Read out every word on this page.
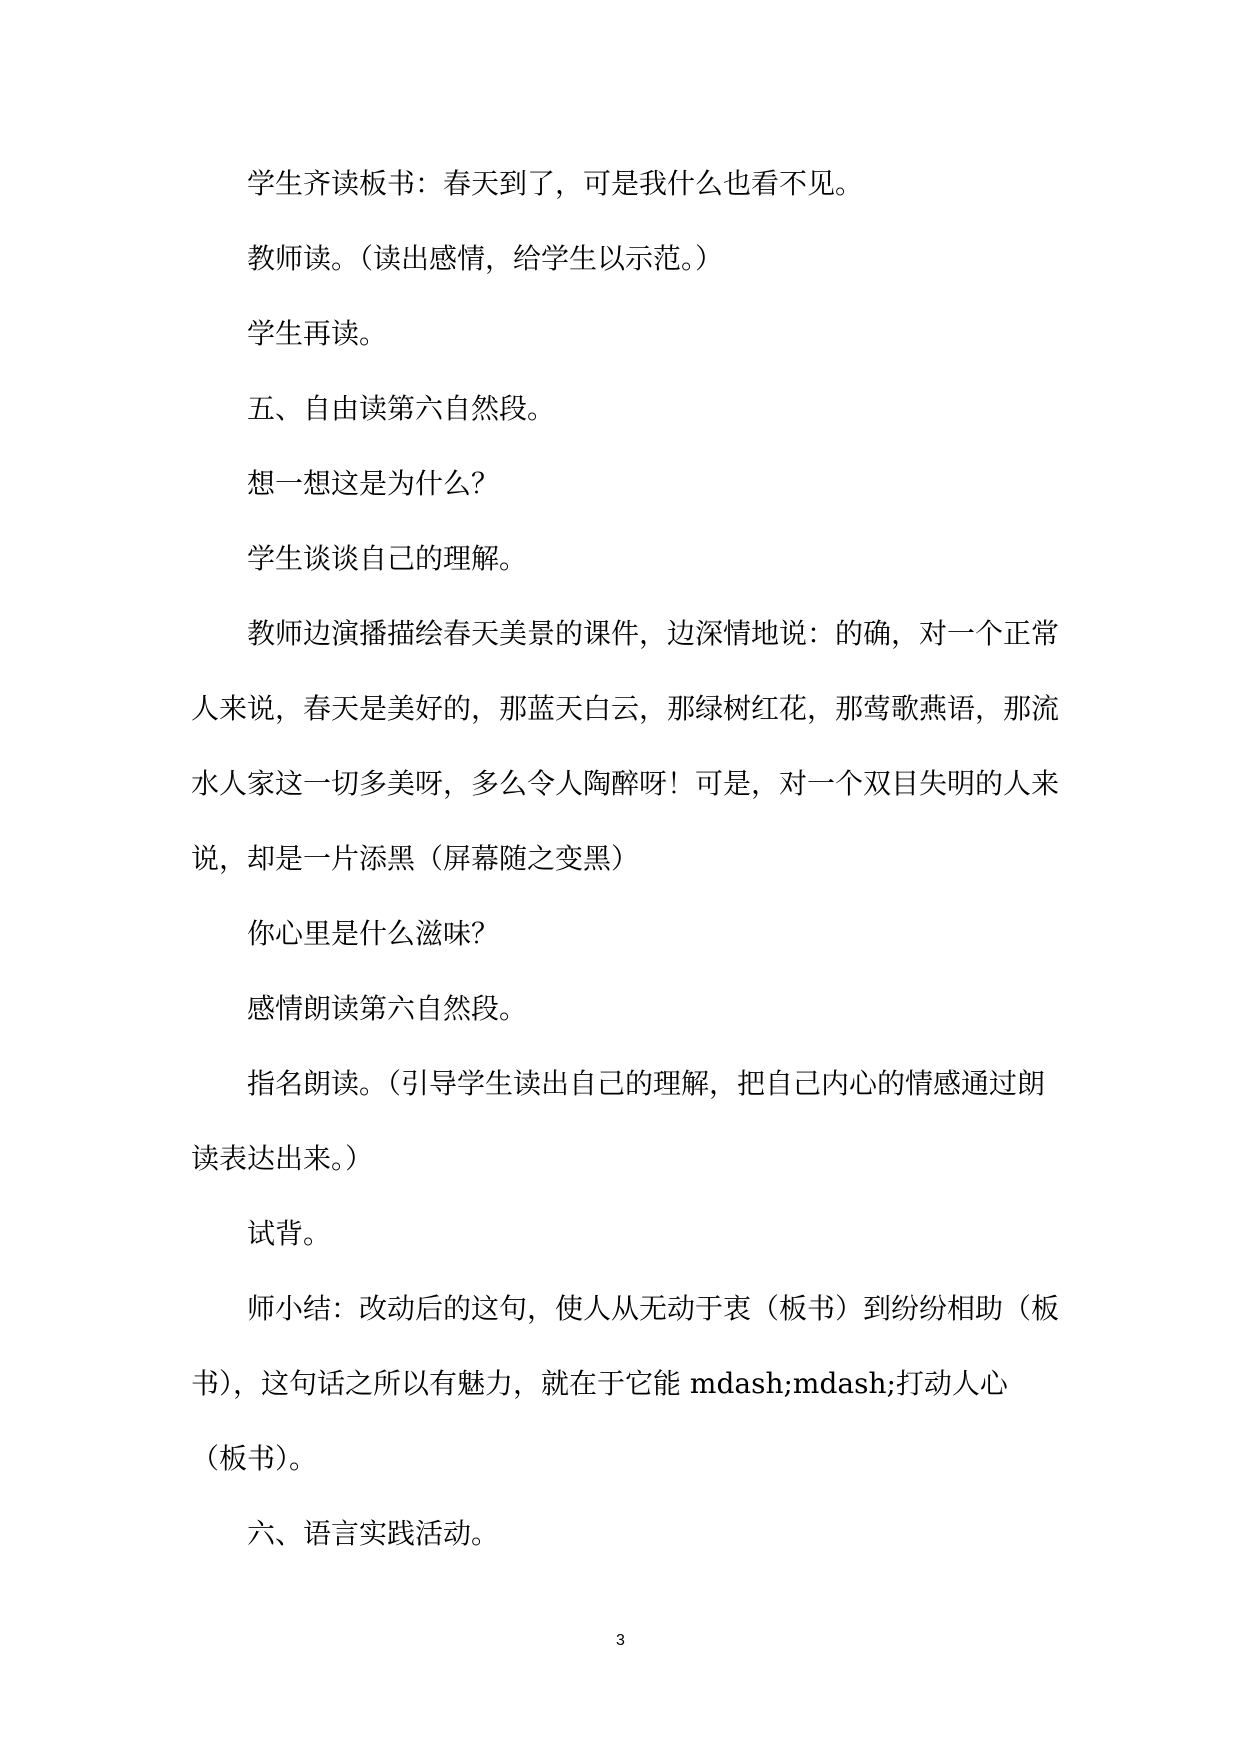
学生齐读板书：春天到了，可是我什么也看不见。

教师读。（读出感情，给学生以示范。）

学生再读。

五、自由读第六自然段。

想一想这是为什么？

学生谈谈自己的理解。

教师边演播描绘春天美景的课件，边深情地说：的确，对一个正常人来说，春天是美好的，那蓝天白云，那绿树红花，那莺歌燕语，那流水人家这一切多美呀，多么令人陶醉呀！可是，对一个双目失明的人来说，却是一片添黑（屏幕随之变黑）

你心里是什么滋味？

感情朗读第六自然段。

指名朗读。（引导学生读出自己的理解，把自己内心的情感通过朗读表达出来。）

试背。

师小结：改动后的这句，使人从无动于衷（板书）到纷纷相助（板书），这句话之所以有魅力，就在于它能 mdash;mdash;打动人心（板书）。

六、语言实践活动。

3
